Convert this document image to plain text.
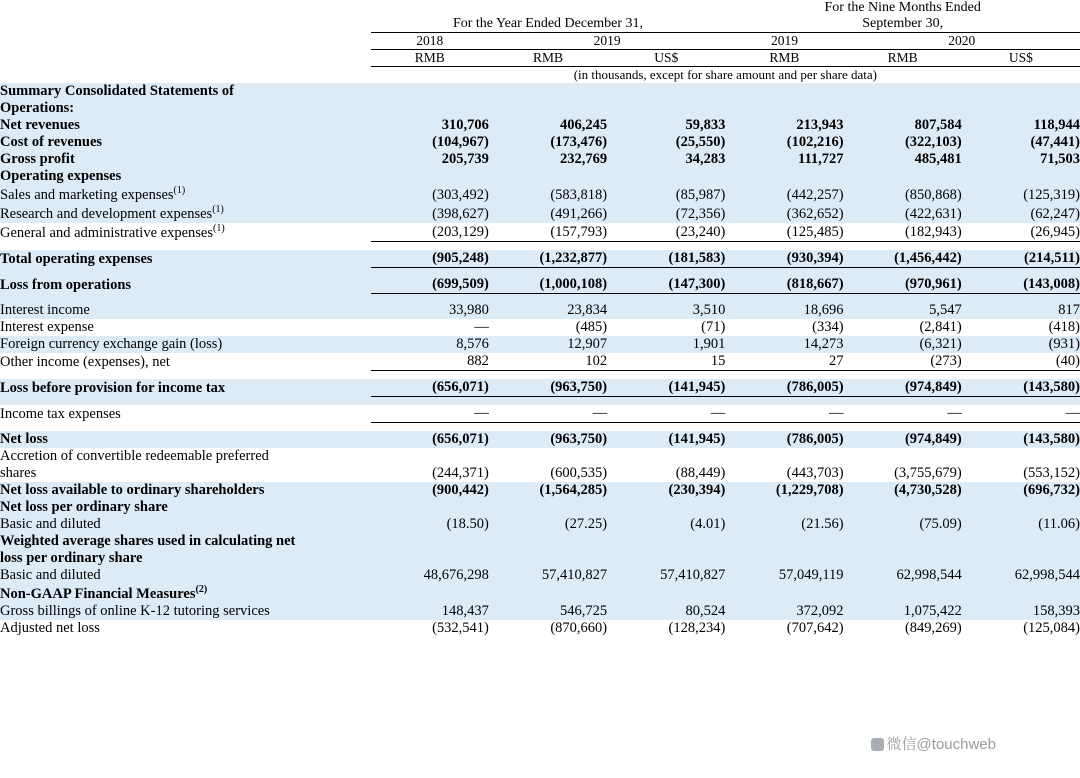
	For the Year Ended December 31,			For the Nine Months Ended
September 30,		

	2018	2019		2019	2020	

	RMB	RMB	US$	RMB	RMB	US$

	(in thousands, except for share amount and per share data)					
Summary Consolidated Statements of						
Operations:						
Net revenues	310,706	406,245	59,833	213,943	807,584	118,944
Cost of revenues	(104,967)	(173,476)	(25,550)	(102,216)	(322,103)	(47,441)
Gross profit	205,739	232,769	34,283	111,727	485,481	71,503
Operating expenses						
Sales and marketing expenses$^{(1)}$	(303,492)	(583,818)	(85,987)	(442,257)	(850,868)	(125,319)
Research and development expenses$^{(1)}$	(398,627)	(491,266)	(72,356)	(362,652)	(422,631)	(62,247)
General and administrative expenses$^{(1)}$	(203,129)	(157,793)	(23,240)	(125,485)	(182,943)	(26,945)

Total operating expenses	(905,248)	(1,232,877)	(181,583)	(930,394)	(1,456,442)	(214,511)

Loss from operations	(699,509)	(1,000,108)	(147,300)	(818,667)	(970,961)	(143,008)

Interest income	33,980	23,834	3,510	18,696	5,547	817
Interest expense	—	(485)	(71)	(334)	(2,841)	(418)
Foreign currency exchange gain (loss)	8,576	12,907	1,901	14,273	(6,321)	(931)
Other income (expenses), net	882	102	15	27	(273)	(40)

Loss before provision for income tax	(656,071)	(963,750)	(141,945)	(786,005)	(974,849)	(143,580)

Income tax expenses	—	—	—	—	—	—

Net loss	(656,071)	(963,750)	(141,945)	(786,005)	(974,849)	(143,580)
Accretion of convertible redeemable preferred						
shares	(244,371)	(600,535)	(88,449)	(443,703)	(3,755,679)	(553,152)
Net loss available to ordinary shareholders	(900,442)	(1,564,285)	(230,394)	(1,229,708)	(4,730,528)	(696,732)
Net loss per ordinary share						
Basic and diluted	(18.50)	(27.25)	(4.01)	(21.56)	(75.09)	(11.06)
Weighted average shares used in calculating net						
loss per ordinary share						
Basic and diluted	48,676,298	57,410,827	57,410,827	57,049,119	62,998,544	62,998,544
Non-GAAP Financial Measures$^{(2)}$						
Gross billings of online K-12 tutoring services	148,437	546,725	80,524	372,092	1,075,422	158,393
Adjusted net loss	(532,541)	(870,660)	(128,234)	(707,642)	(849,269)	(125,084)
微信@touchweb
